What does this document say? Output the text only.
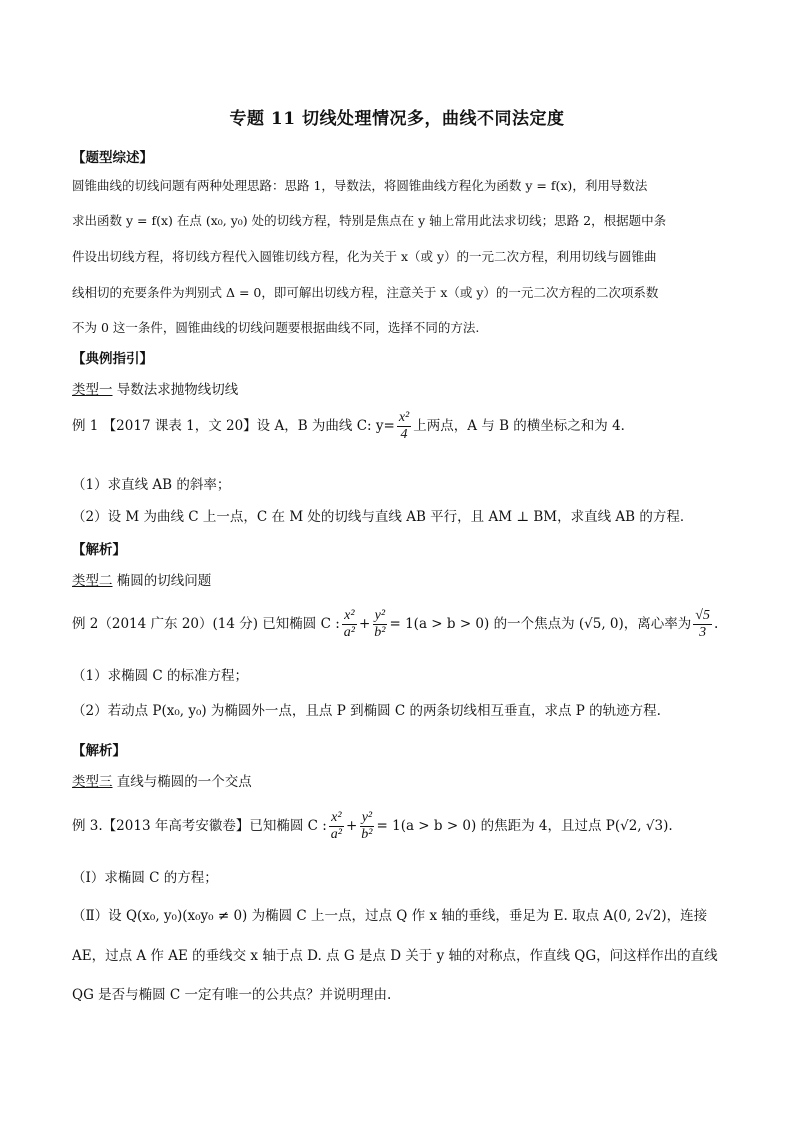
专题 11 切线处理情况多，曲线不同法定度
【题型综述】
圆锥曲线的切线问题有两种处理思路：思路 1，导数法，将圆锥曲线方程化为函数 y = f(x)，利用导数法
求出函数 y = f(x) 在点 (x₀, y₀) 处的切线方程，特别是焦点在 y 轴上常用此法求切线；思路 2，根据题中条
件设出切线方程，将切线方程代入圆锥切线方程，化为关于 x（或 y）的一元二次方程，利用切线与圆锥曲
线相切的充要条件为判别式 Δ = 0，即可解出切线方程，注意关于 x（或 y）的一元二次方程的二次项系数
不为 0 这一条件，圆锥曲线的切线问题要根据曲线不同，选择不同的方法.
【典例指引】
类型一 导数法求抛物线切线
例 1 【2017 课表 1，文 20】设 A，B 为曲线 C: $y= \frac{\text{x²}}{4}$ 上两点，A 与 B 的横坐标之和为 4．
（1）求直线 AB 的斜率；
（2）设 M 为曲线 C 上一点，C 在 M 处的切线与直线 AB 平行，且 AM ⊥ BM，求直线 AB 的方程．
【解析】
类型二 椭圆的切线问题
例 2（2014 广东 20）(14 分) 已知椭圆 C : $\frac{\text{x²}}{\text{a²}} + \frac{\text{y²}}{\text{b²}} = 1(a > b > 0)$ 的一个焦点为 (√5, 0)，离心率为 $\frac{√5}{3}$ .
（1）求椭圆 C 的标准方程；
（2）若动点 P(x₀, y₀) 为椭圆外一点，且点 P 到椭圆 C 的两条切线相互垂直，求点 P 的轨迹方程.
【解析】
类型三 直线与椭圆的一个交点
例 3.【2013 年高考安徽卷】已知椭圆 C : $\frac{\text{x²}}{\text{a²}} + \frac{\text{y²}}{\text{b²}} = 1(a > b > 0)$ 的焦距为 4，且过点 P(√2, √3).
（Ⅰ）求椭圆 C 的方程；
（Ⅱ）设 Q(x₀, y₀)(x₀y₀ ≠ 0) 为椭圆 C 上一点，过点 Q 作 x 轴的垂线，垂足为 E. 取点 A(0, 2√2)，连接
AE，过点 A 作 AE 的垂线交 x 轴于点 D. 点 G 是点 D 关于 y 轴的对称点，作直线 QG，问这样作出的直线
QG 是否与椭圆 C 一定有唯一的公共点？并说明理由.
